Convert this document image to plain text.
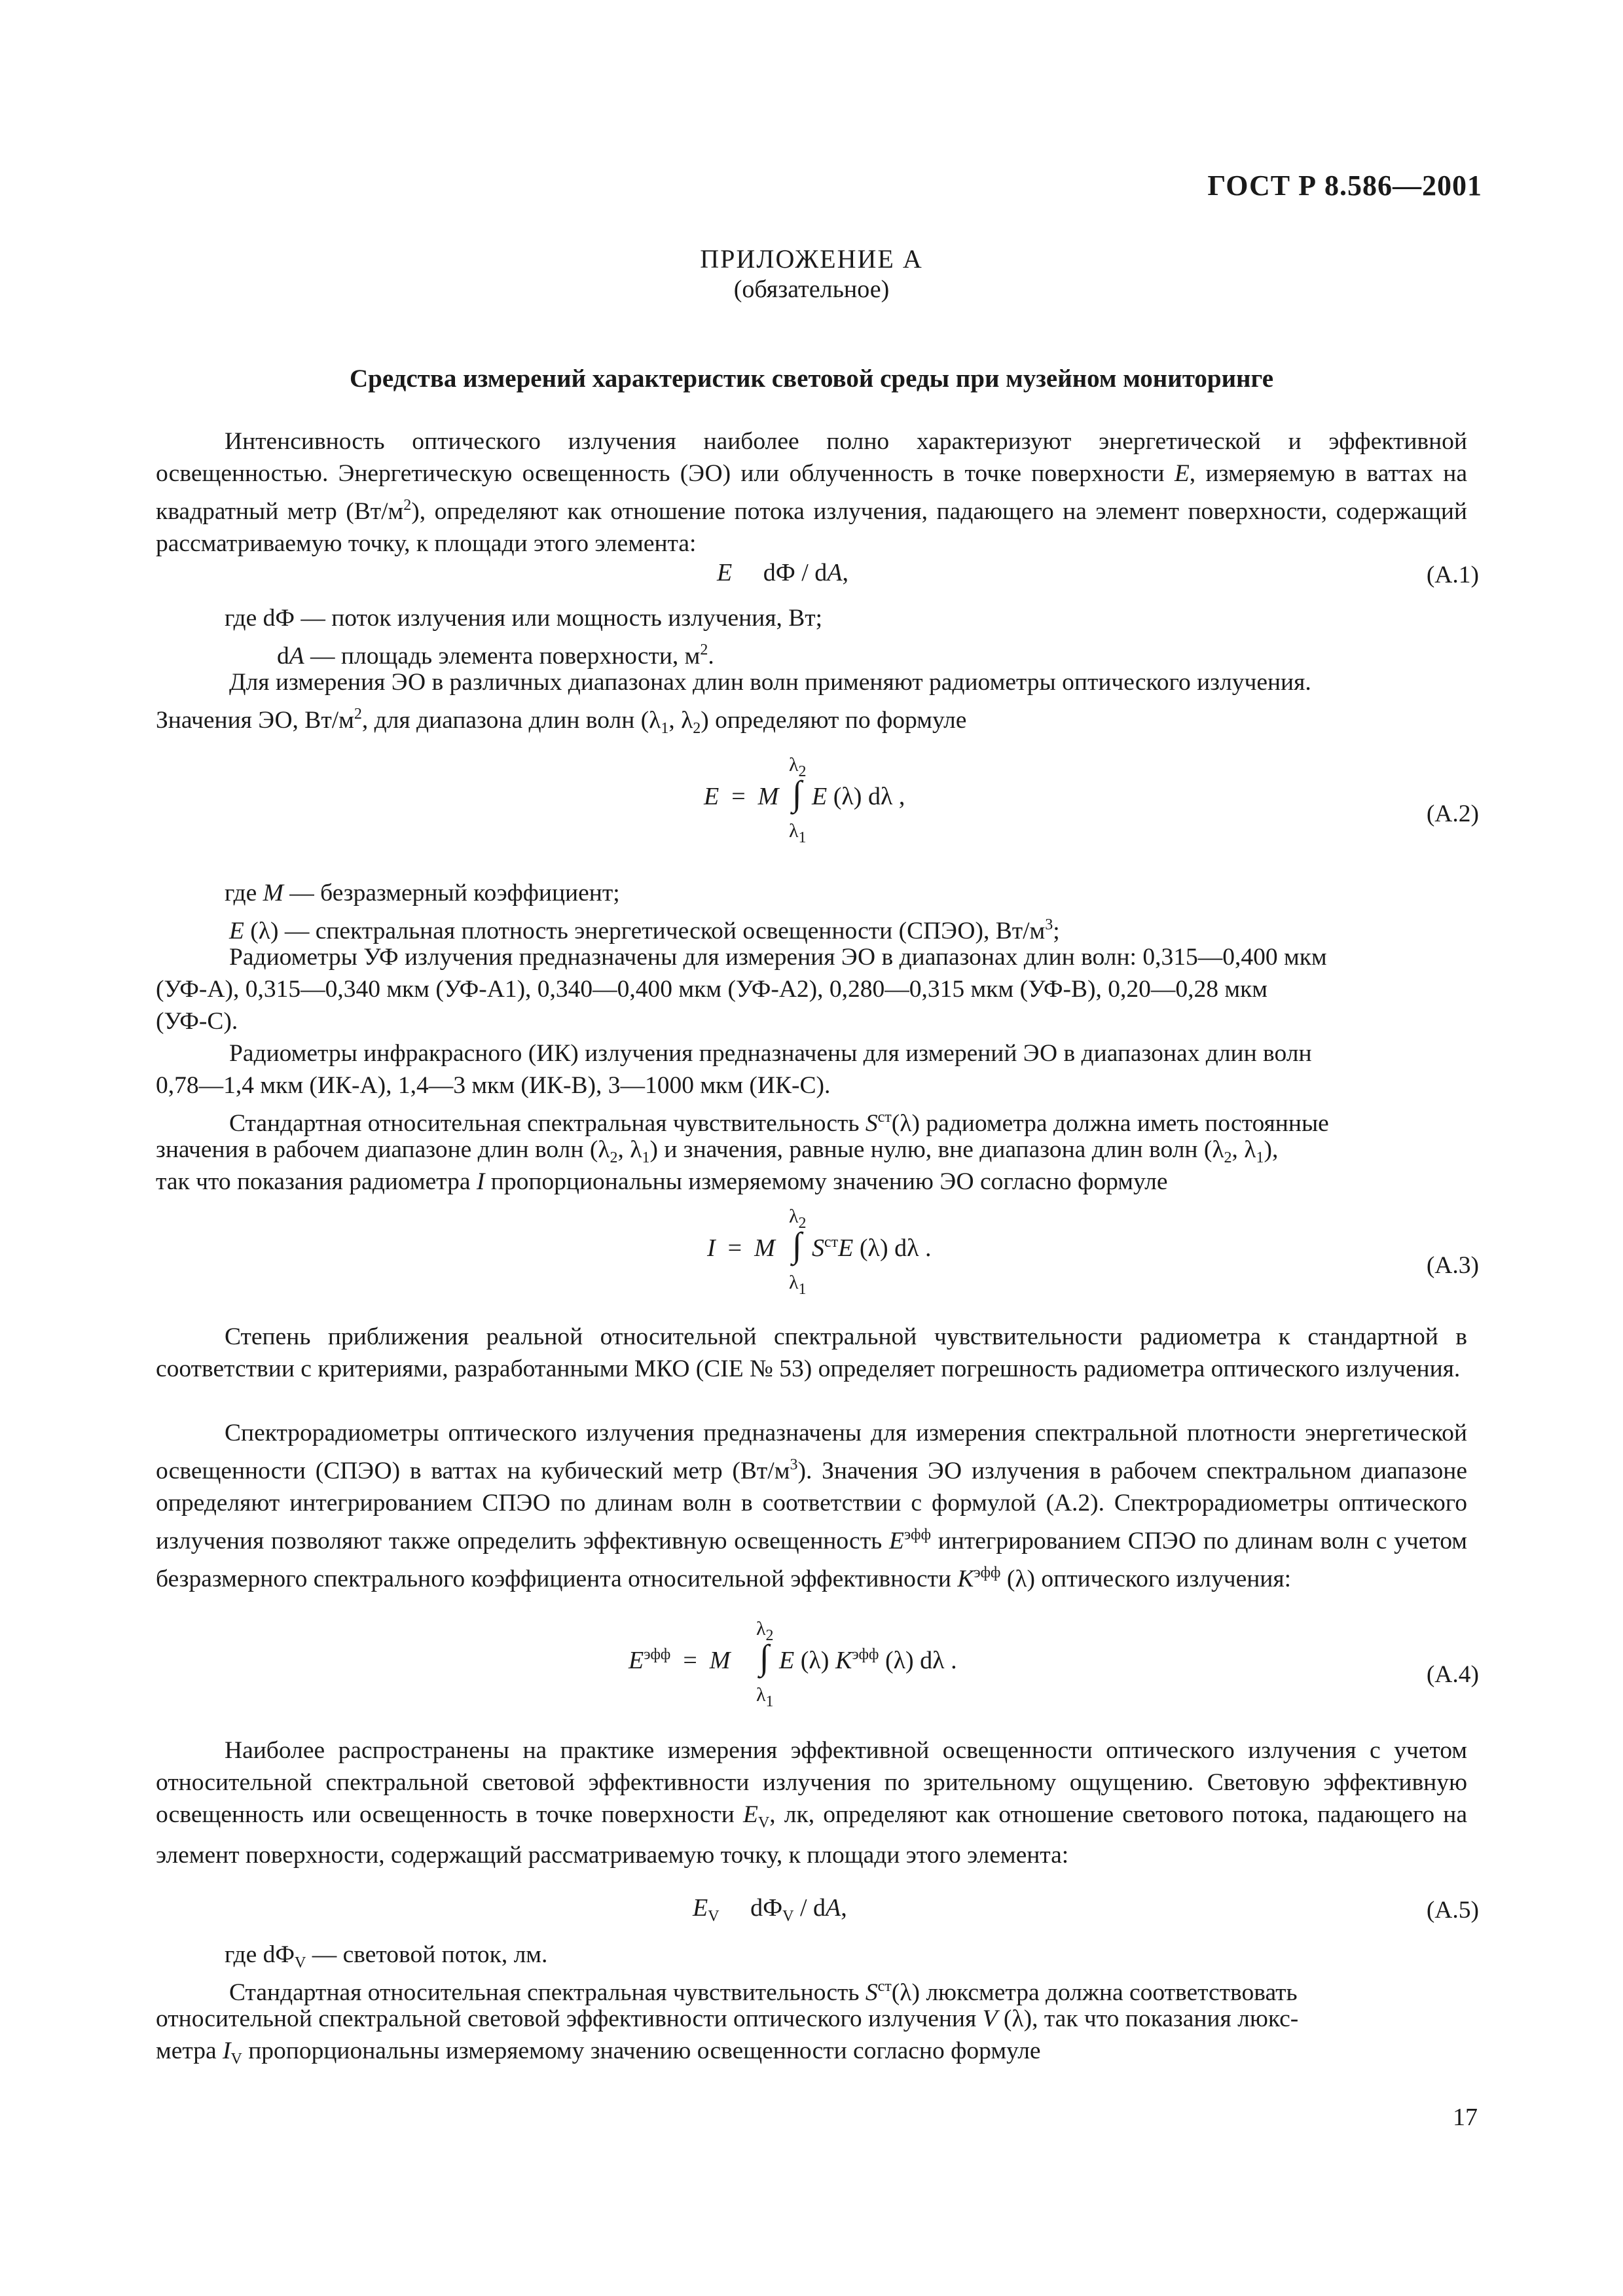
ГОСТ Р 8.586—2001
ПРИЛОЖЕНИЕ А
(обязательное)
Средства измерений характеристик световой среды при музейном мониторинге

Интенсивность оптического излучения наиболее полно характеризуют энергетической и эффективной освещенностью. Энергетическую освещенность (ЭО) или облученность в точке поверхности E, измеряемую в ваттах на квадратный метр $(Вт/м^2)$, определяют как отношение потока излучения, падающего на элемент поверхности, содержащий рассматриваемую точку, к площади этого элемента:

E dФ / dA,	(А.1)
где dФ — поток излучения или мощность излучения, Вт;
dA — площадь элемента поверхности, $м^2$.
Для измерения ЭО в различных диапазонах длин волн применяют радиометры оптического излучения.
Значения ЭО, $Вт/м^2$, для диапазона длин волн ($\lambda_1$, $\lambda_2$) определяют по формуле
E = M
$\lambda_2$
∫
$\lambda_1$
E (λ) dλ ,
(А.2)
где M — безразмерный коэффициент;
E (λ) — спектральная плотность энергетической освещенности (СПЭО), $Вт/м^3$;
Радиометры УФ излучения предназначены для измерения ЭО в диапазонах длин волн: 0,315—0,400 мкм
(УФ-А), 0,315—0,340 мкм (УФ-А1), 0,340—0,400 мкм (УФ-А2), 0,280—0,315 мкм (УФ-В), 0,20—0,28 мкм
(УФ-С).
Радиометры инфракрасного (ИК) излучения предназначены для измерений ЭО в диапазонах длин волн
0,78—1,4 мкм (ИК-А), 1,4—3 мкм (ИК-В), 3—1000 мкм (ИК-С).
Стандартная относительная спектральная чувствительность $S^{ст}(\lambda)$ радиометра должна иметь постоянные
значения в рабочем диапазоне длин волн ($\lambda_2$, $\lambda_1$) и значения, равные нулю, вне диапазона длин волн ($\lambda_2$, $\lambda_1$),
так что показания радиометра I пропорциональны измеряемому значению ЭО согласно формуле
I = M
$\lambda_2$
∫
$\lambda_1$
$S^{ст}E$ (λ) dλ .
(А.3)

Степень приближения реальной относительной спектральной чувствительности радиометра к стандартной в соответствии с критериями, разработанными МКО (CIE № 53) определяет погрешность радиометра оптического излучения.

Спектрорадиометры оптического излучения предназначены для измерения спектральной плотности энергетической освещенности (СПЭО) в ваттах на кубический метр $(Вт/м^3)$. Значения ЭО излучения в рабочем спектральном диапазоне определяют интегрированием СПЭО по длинам волн в соответствии с формулой (А.2). Спектрорадиометры оптического излучения позволяют также определить эффективную освещенность $E^{эфф}$ интегрированием СПЭО по длинам волн с учетом безразмерного спектрального коэффициента относительной эффективности $K^{эфф}$ (λ) оптического излучения:

$E^{эфф} = M$
$\lambda_2$
∫
$\lambda_1$
E (λ) $K^{эфф}$ (λ) dλ .
(А.4)

Наиболее распространены на практике измерения эффективной освещенности оптического излучения с учетом относительной спектральной световой эффективности излучения по зрительному ощущению. Световую эффективную освещенность или освещенность в точке поверхности $E_V$, лк, определяют как отношение светового потока, падающего на элемент поверхности, содержащий рассматриваемую точку, к площади этого элемента:

$E_V$ $dФ_V$ / dA,	(А.5)
где $dФ_V$ — световой поток, лм.
Стандартная относительная спектральная чувствительность $S^{ст}(\lambda)$ люксметра должна соответствовать
относительной спектральной световой эффективности оптического излучения V (λ), так что показания люкс-
метра $I_V$ пропорциональны измеряемому значению освещенности согласно формуле
17
